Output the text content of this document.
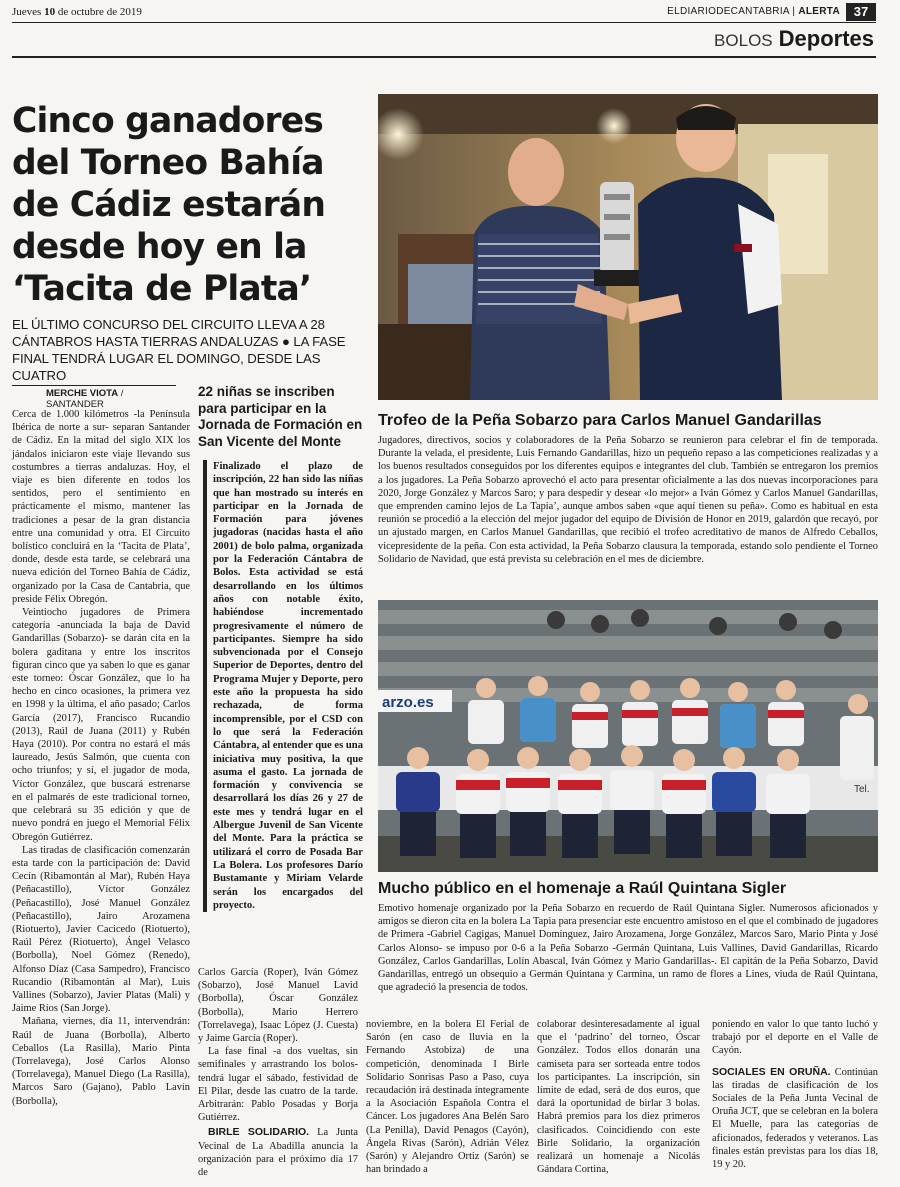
Jueves 10 de octubre de 2019	ELDIARIODECANTABRIA | ALERTA	37
BOLOS Deportes
Cinco ganadores del Torneo Bahía de Cádiz estarán desde hoy en la ‘Tacita de Plata’
EL ÚLTIMO CONCURSO DEL CIRCUITO LLEVA A 28 CÁNTABROS HASTA TIERRAS ANDALUZAS ● LA FASE FINAL TENDRÁ LUGAR EL DOMINGO, DESDE LAS CUATRO
MERCHE VIOTA / SANTANDER

Cerca de 1.000 kilómetros -la Península Ibérica de norte a sur- separan Santander de Cádiz. En la mitad del siglo XIX los jándalos iniciaron este viaje llevando sus costumbres a tierras andaluzas. Hoy, el viaje es bien diferente en todos los sentidos, pero el sentimiento en prácticamente el mismo, mantener las tradiciones a pesar de la gran distancia entre una comunidad y otra. El Circuito bolístico concluirá en la ‘Tacita de Plata’, donde, desde esta tarde, se celebrará una nueva edición del Torneo Bahía de Cádiz, organizado por la Casa de Cantabria, que preside Félix Obregón.

Veintiocho jugadores de Primera categoría -anunciada la baja de David Gandarillas (Sobarzo)- se darán cita en la bolera gaditana y entre los inscritos figuran cinco que ya saben lo que es ganar este torneo: Óscar González, que lo ha hecho en cinco ocasiones, la primera vez en 1998 y la última, el año pasado; Carlos García (2017), Francisco Rucandio (2013), Raúl de Juana (2011) y Rubén Haya (2010). Por contra no estará el más laureado, Jesús Salmón, que cuenta con ocho triunfos; y sí, el jugador de moda, Víctor González, que buscará estrenarse en el palmarés de este tradicional torneo, que celebrará su 35 edición y que de nuevo pondrá en juego el Memorial Félix Obregón Gutiérrez.

Las tiradas de clasificación comenzarán esta tarde con la participación de: David Cecín (Ribamontán al Mar), Rubén Haya (Peñacastillo), Víctor González (Peñacastillo), José Manuel González (Peñacastillo), Jairo Arozamena (Riotuerto), Javier Cacicedo (Riotuerto), Raúl Pérez (Riotuerto), Ángel Velasco (Borbolla), Noel Gómez (Renedo), Alfonso Díaz (Casa Sampedro), Francisco Rucandio (Ribamontán al Mar), Luis Vallines (Sobarzo), Javier Platas (Mali) y Jaime Ríos (San Jorge).

Mañana, viernes, día 11, intervendrán: Raúl de Juana (Borbolla), Alberto Ceballos (La Rasilla), Mario Pinta (Torrelavega), José Carlos Alonso (Torrelavega), Manuel Diego (La Rasilla), Marcos Saro (Gajano), Pablo Lavín (Borbolla),

22 niñas se inscriben para participar en la Jornada de Formación en San Vicente del Monte
Finalizado el plazo de inscripción, 22 han sido las niñas que han mostrado su interés en participar en la Jornada de Formación para jóvenes jugadoras (nacidas hasta el año 2001) de bolo palma, organizada por la Federación Cántabra de Bolos. Esta actividad se está desarrollando en los últimos años con notable éxito, habiéndose incrementado progresivamente el número de participantes. Siempre ha sido subvencionada por el Consejo Superior de Deportes, dentro del Programa Mujer y Deporte, pero este año la propuesta ha sido rechazada, de forma incomprensible, por el CSD con lo que será la Federación Cántabra, al entender que es una iniciativa muy positiva, la que asuma el gasto. La jornada de formación y convivencia se desarrollará los días 26 y 27 de este mes y tendrá lugar en el Albergue Juvenil de San Vicente del Monte. Para la práctica se utilizará el corro de Posada Bar La Bolera. Los profesores Darío Bustamante y Miriam Velarde serán los encargados del proyecto.

Carlos García (Roper), Iván Gómez (Sobarzo), José Manuel Lavid (Borbolla), Óscar González (Borbolla), Mario Herrero (Torrelavega), Isaac López (J. Cuesta) y Jaime García (Roper).

La fase final -a dos vueltas, sin semifinales y arrastrando los bolos- tendrá lugar el sábado, festividad de El Pilar, desde las cuatro de la tarde. Arbitrarán: Pablo Posadas y Borja Gutiérrez.

BIRLE SOLIDARIO. La Junta Vecinal de La Abadilla anuncia la organización para el próximo día 17 de

noviembre, en la bolera El Ferial de Sarón (en caso de lluvia en la Fernando Astobiza) de una competición, denominada I Birle Solidario Sonrisas Paso a Paso, cuya recaudación irá destinada íntegramente a la Asociación Española Contra el Cáncer. Los jugadores Ana Belén Saro (La Penilla), David Penagos (Cayón), Ángela Rivas (Sarón), Adrián Vélez (Sarón) y Alejandro Ortiz (Sarón) se han brindado a

colaborar desinteresadamente al igual que el ‘padrino’ del torneo, Óscar González. Todos ellos donarán una camiseta para ser sorteada entre todos los participantes. La inscripción, sin límite de edad, será de dos euros, que dará la oportunidad de birlar 3 bolas. Habrá premios para los diez primeros clasificados. Coincidiendo con este Birle Solidario, la organización realizará un homenaje a Nicolás Gándara Cortina,

poniendo en valor lo que tanto luchó y trabajó por el deporte en el Valle de Cayón.

SOCIALES EN ORUÑA. Continúan las tiradas de clasificación de los Sociales de la Peña Junta Vecinal de Oruña JCT, que se celebran en la bolera El Muelle, para las categorías de aficionados, federados y veteranos. Las finales están previstas para los días 18, 19 y 20.

Trofeo de la Peña Sobarzo para Carlos Manuel Gandarillas
Jugadores, directivos, socios y colaboradores de la Peña Sobarzo se reunieron para celebrar el fin de temporada. Durante la velada, el presidente, Luis Fernando Gandarillas, hizo un pequeño repaso a las competiciones realizadas y a los buenos resultados conseguidos por los diferentes equipos e integrantes del club. También se entregaron los premios a los jugadores. La Peña Sobarzo aprovechó el acto para presentar oficialmente a las dos nuevas incorporaciones para 2020, Jorge González y Marcos Saro; y para despedir y desear «lo mejor» a Iván Gómez y Carlos Manuel Gandarillas, que emprenden camino lejos de La Tapia’, aunque ambos saben «que aquí tienen su peña». Como es habitual en esta reunión se procedió a la elección del mejor jugador del equipo de División de Honor en 2019, galardón que recayó, por un ajustado margen, en Carlos Manuel Gandarillas, que recibió el trofeo acreditativo de manos de Alfredo Ceballos, vicepresidente de la peña. Con esta actividad, la Peña Sobarzo clausura la temporada, estando solo pendiente el Torneo Solidario de Navidad, que está prevista su celebración en el mes de diciembre.
arzo.es
Tel.
Mucho público en el homenaje a Raúl Quintana Sigler
Emotivo homenaje organizado por la Peña Sobarzo en recuerdo de Raúl Quintana Sigler. Numerosos aficionados y amigos se dieron cita en la bolera La Tapia para presenciar este encuentro amistoso en el que el combinado de jugadores de Primera -Gabriel Cagigas, Manuel Domínguez, Jairo Arozamena, Jorge González, Marcos Saro, Mario Pinta y José Carlos Alonso- se impuso por 0-6 a la Peña Sobarzo -Germán Quintana, Luis Vallines, David Gandarillas, Ricardo González, Carlos Gandarillas, Lolín Abascal, Iván Gómez y Mario Gandarillas-. El capitán de la Peña Sobarzo, David Gandarillas, entregó un obsequio a Germán Quintana y Carmina, un ramo de flores a Lines, viuda de Raúl Quintana, que agradeció la presencia de todos.
